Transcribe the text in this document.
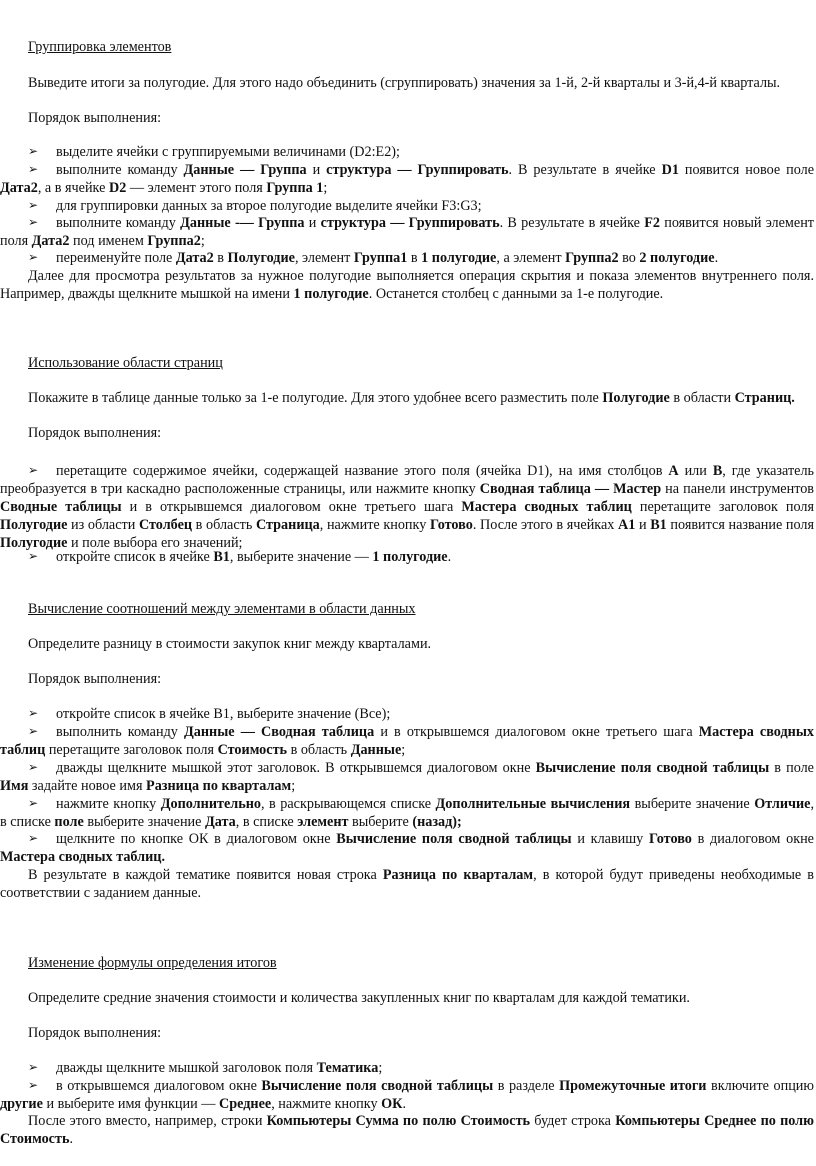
Группировка элементов

Выведите итоги за полугодие. Для этого надо объединить (сгруппировать) значения за 1-й, 2-й кварталы и 3-й,4-й кварталы.

Порядок выполнения:

➢	выделите ячейки с группируемыми величинами (D2:E2);
➢	выполните команду Данные — Группа и структура — Группировать. В результате в ячейке D1 появится новое поле Дата2, а в ячейке D2 — элемент этого поля Группа 1;
➢	для группировки данных за второе полугодие выделите ячейки F3:G3;
➢	выполните команду Данные -— Группа и структура — Группировать. В результате в ячейке F2 появится новый элемент поля Дата2 под именем Группа2;
➢	переименуйте поле Дата2 в Полугодие, элемент Группа1 в 1 полугодие, а элемент Группа2 во 2 полугодие.

Далее для просмотра результатов за нужное полугодие выполняется операция скрытия и показа элементов внутреннего поля. Например, дважды щелкните мышкой на имени 1 полугодие. Останется столбец с данными за 1-е полугодие.

Использование области страниц

Покажите в таблице данные только за 1-е полугодие. Для этого удобнее всего разместить поле Полугодие в области Страниц.

Порядок выполнения:

➢	перетащите содержимое ячейки, содержащей название этого поля (ячейка D1), на имя столбцов А или В, где указатель преобразуется в три каскадно расположенные страницы, или нажмите кнопку Сводная таблица — Мастер на панели инструментов Сводные таблицы и в открывшемся диалоговом окне третьего шага Мастера сводных таблиц перетащите заголовок поля Полугодие из области Столбец в область Страница, нажмите кнопку Готово. После этого в ячейках А1 и В1 появится название поля Полугодие и поле выбора его значений;
➢	откройте список в ячейке В1, выберите значение — 1 полугодие.

Вычисление соотношений между элементами в области данных

Определите разницу в стоимости закупок книг между кварталами.

Порядок выполнения:

➢	откройте список в ячейке В1, выберите значение (Все);
➢	выполнить команду Данные — Сводная таблица и в открывшемся диалоговом окне третьего шага Мастера сводных таблиц перетащите заголовок поля Стоимость в область Данные;
➢	дважды щелкните мышкой этот заголовок. В открывшемся диалоговом окне Вычисление поля сводной таблицы в поле Имя задайте новое имя Разница по кварталам;
➢	нажмите кнопку Дополнительно, в раскрывающемся списке Дополнительные вычисления выберите значение Отличие, в списке поле выберите значение Дата, в списке элемент выберите (назад);
➢	щелкните по кнопке ОК в диалоговом окне Вычисление поля сводной таблицы и клавишу Готово в диалоговом окне Мастера сводных таблиц.

В результате в каждой тематике появится новая строка Разница по кварталам, в которой будут приведены необходимые в соответствии с заданием данные.

Изменение формулы определения итогов

Определите средние значения стоимости и количества закупленных книг по кварталам для каждой тематики.

Порядок выполнения:

➢	дважды щелкните мышкой заголовок поля Тематика;
➢	в открывшемся диалоговом окне Вычисление поля сводной таблицы в разделе Промежуточные итоги включите опцию другие и выберите имя функции — Среднее, нажмите кнопку ОК.

После этого вместо, например, строки Компьютеры Сумма по полю Стоимость будет строка Компьютеры Среднее по полю Стоимость.
